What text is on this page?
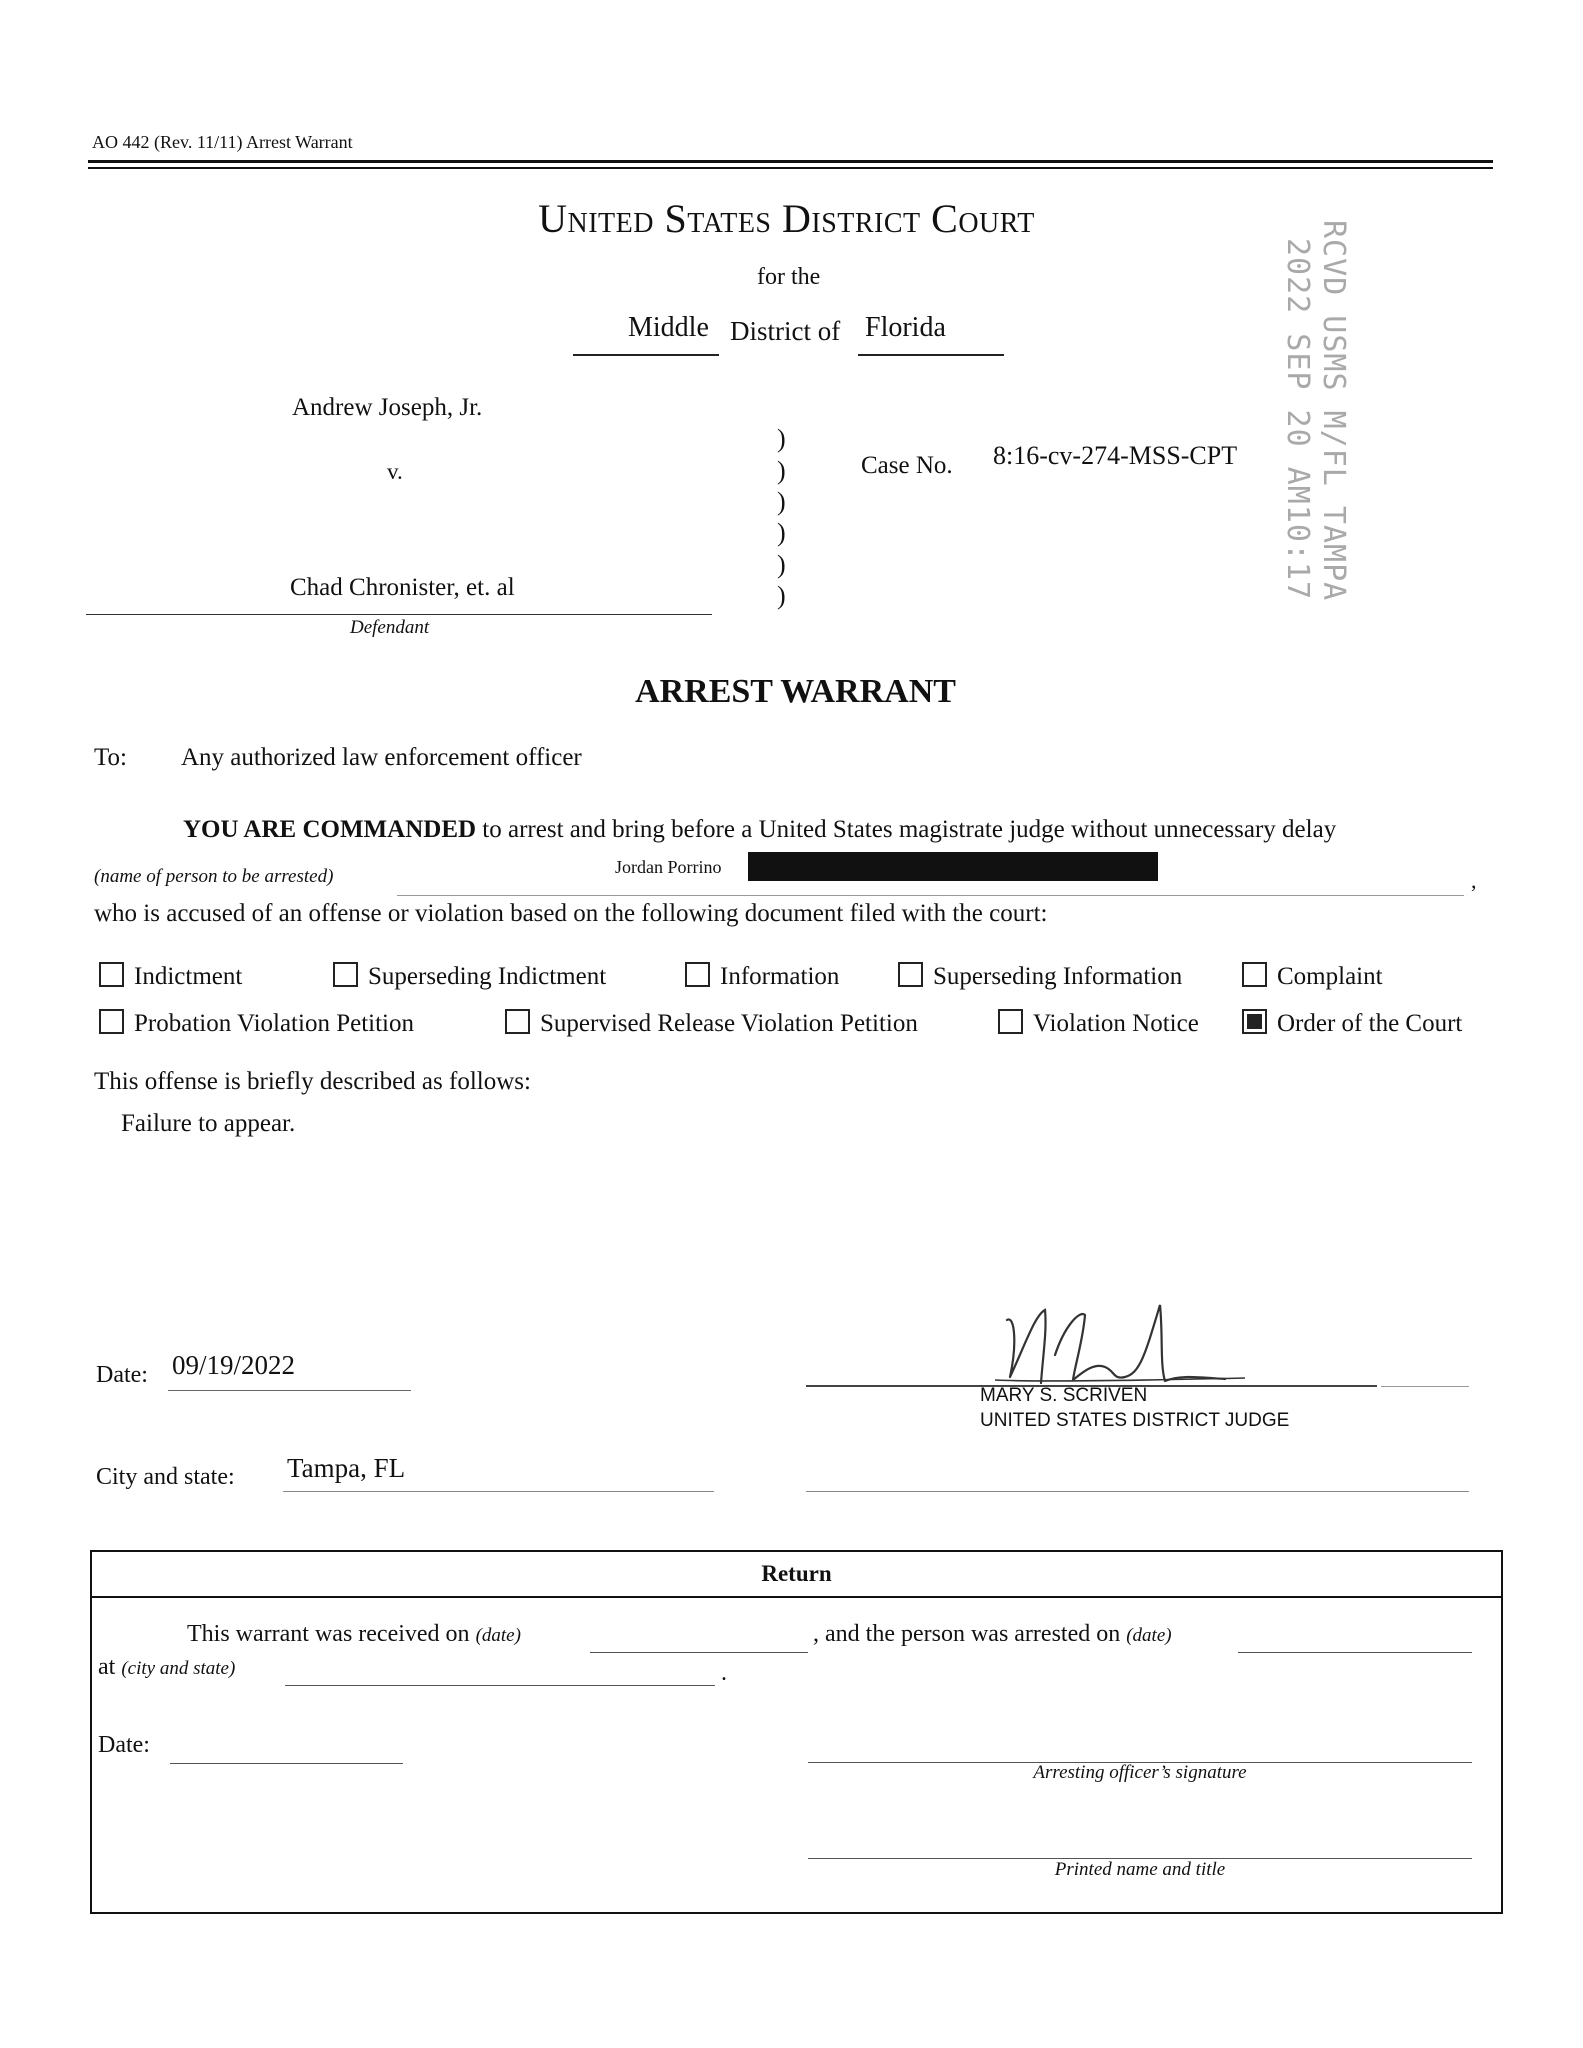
AO 442 (Rev. 11/11) Arrest Warrant
United States District Court
for the
Middle District of Florida
Andrew Joseph, Jr.
v.
Chad Chronister, et. al
Defendant
)
)
)
)
)
)
Case No. 8:16-cv-274-MSS-CPT	RCVD USMS M/FL TAMPA
2022 SEP 20 AM10:17
ARREST WARRANT
To: Any authorized law enforcement officer
YOU ARE COMMANDED to arrest and bring before a United States magistrate judge without unnecessary delay
(name of person to be arrested)	Jordan Porrino
,
who is accused of an offense or violation based on the following document filed with the court:
Indictment	Superseding Indictment	Information	Superseding Information	Complaint
Probation Violation Petition	Supervised Release Violation Petition	Violation Notice	Order of the Court
This offense is briefly described as follows:
Failure to appear.
Date: 09/19/2022
City and state: Tampa, FL
MARY S. SCRIVEN
UNITED STATES DISTRICT JUDGE
Return
This warrant was received on (date)	, and the person was arrested on (date)
at (city and state)	.
Date:
Arresting officer’s signature
Printed name and title
